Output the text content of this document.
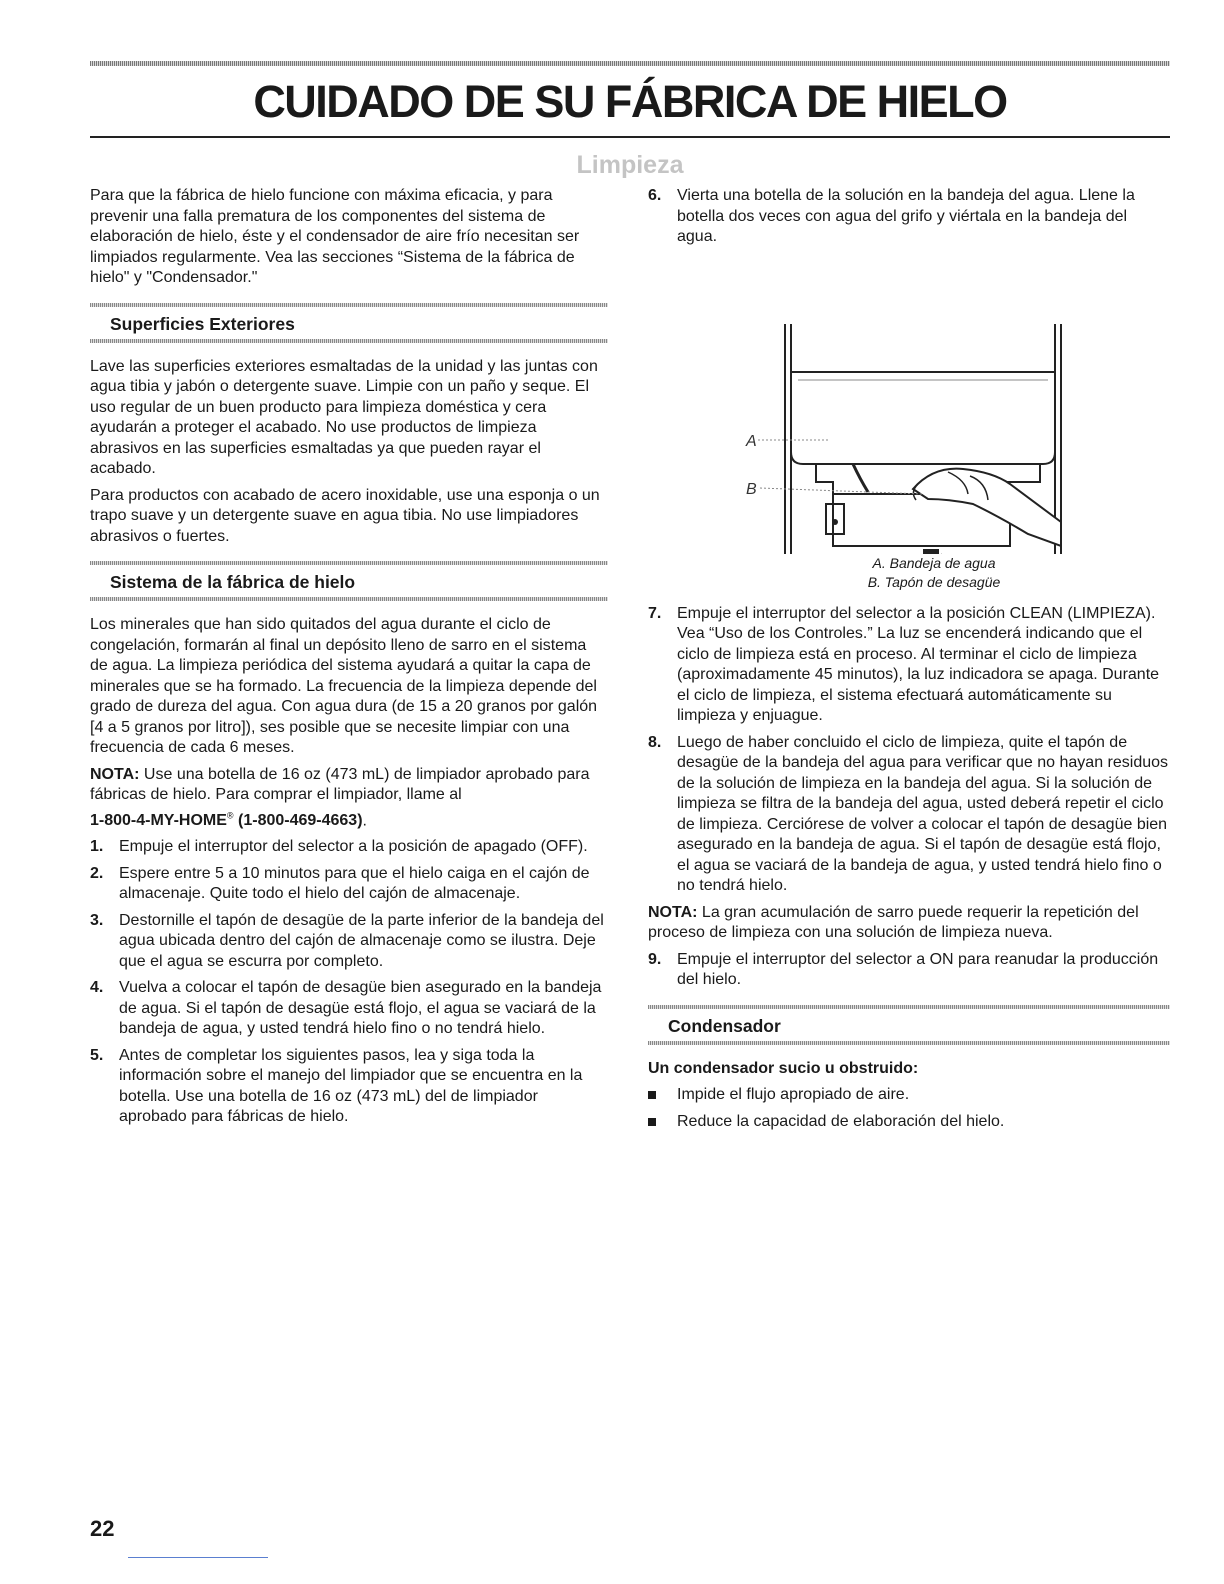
CUIDADO DE SU FÁBRICA DE HIELO
Limpieza

Para que la fábrica de hielo funcione con máxima eficacia, y para prevenir una falla prematura de los componentes del sistema de elaboración de hielo, éste y el condensador de aire frío necesitan ser limpiados regularmente. Vea las secciones “Sistema de la fábrica de hielo" y "Condensador."

Superficies Exteriores

Lave las superficies exteriores esmaltadas de la unidad y las juntas con agua tibia y jabón o detergente suave. Limpie con un paño y seque. El uso regular de un buen producto para limpieza doméstica y cera ayudarán a proteger el acabado. No use productos de limpieza abrasivos en las superficies esmaltadas ya que pueden rayar el acabado.

Para productos con acabado de acero inoxidable, use una esponja o un trapo suave y un detergente suave en agua tibia. No use limpiadores abrasivos o fuertes.

Sistema de la fábrica de hielo

Los minerales que han sido quitados del agua durante el ciclo de congelación, formarán al final un depósito lleno de sarro en el sistema de agua. La limpieza periódica del sistema ayudará a quitar la capa de minerales que se ha formado. La frecuencia de la limpieza depende del grado de dureza del agua. Con agua dura (de 15 a 20 granos por galón [4 a 5 granos por litro]), ses posible que se necesite limpiar con una frecuencia de cada 6 meses.

NOTA: Use una botella de 16 oz (473 mL) de limpiador aprobado para fábricas de hielo. Para comprar el limpiador, llame al
1-800-4-MY-HOME® (1-800-469-4663).

1. Empuje el interruptor del selector a la posición de apagado (OFF).
2. Espere entre 5 a 10 minutos para que el hielo caiga en el cajón de almacenaje. Quite todo el hielo del cajón de almacenaje.
3. Destornille el tapón de desagüe de la parte inferior de la bandeja del agua ubicada dentro del cajón de almacenaje como se ilustra. Deje que el agua se escurra por completo.
4. Vuelva a colocar el tapón de desagüe bien asegurado en la bandeja de agua. Si el tapón de desagüe está flojo, el agua se vaciará de la bandeja de agua, y usted tendrá hielo fino o no tendrá hielo.
5. Antes de completar los siguientes pasos, lea y siga toda la información sobre el manejo del limpiador que se encuentra en la botella. Use una botella de 16 oz (473 mL) del de limpiador aprobado para fábricas de hielo.
6. Vierta una botella de la solución en la bandeja del agua. Llene la botella dos veces con agua del grifo y viértala en la bandeja del agua.
A
B
A. Bandeja de agua
B. Tapón de desagüe
7. Empuje el interruptor del selector a la posición CLEAN (LIMPIEZA). Vea “Uso de los Controles.” La luz se encenderá indicando que el ciclo de limpieza está en proceso. Al terminar el ciclo de limpieza (aproximadamente 45 minutos), la luz indicadora se apaga. Durante el ciclo de limpieza, el sistema efectuará automáticamente su limpieza y enjuague.
8. Luego de haber concluido el ciclo de limpieza, quite el tapón de desagüe de la bandeja del agua para verificar que no hayan residuos de la solución de limpieza en la bandeja del agua. Si la solución de limpieza se filtra de la bandeja del agua, usted deberá repetir el ciclo de limpieza. Cerciórese de volver a colocar el tapón de desagüe bien asegurado en la bandeja de agua. Si el tapón de desagüe está flojo, el agua se vaciará de la bandeja de agua, y usted tendrá hielo fino o no tendrá hielo.

NOTA: La gran acumulación de sarro puede requerir la repetición del proceso de limpieza con una solución de limpieza nueva.

9. Empuje el interruptor del selector a ON para reanudar la producción del hielo.
Condensador

Un condensador sucio u obstruido:

Impide el flujo apropiado de aire.
Reduce la capacidad de elaboración del hielo.
22
